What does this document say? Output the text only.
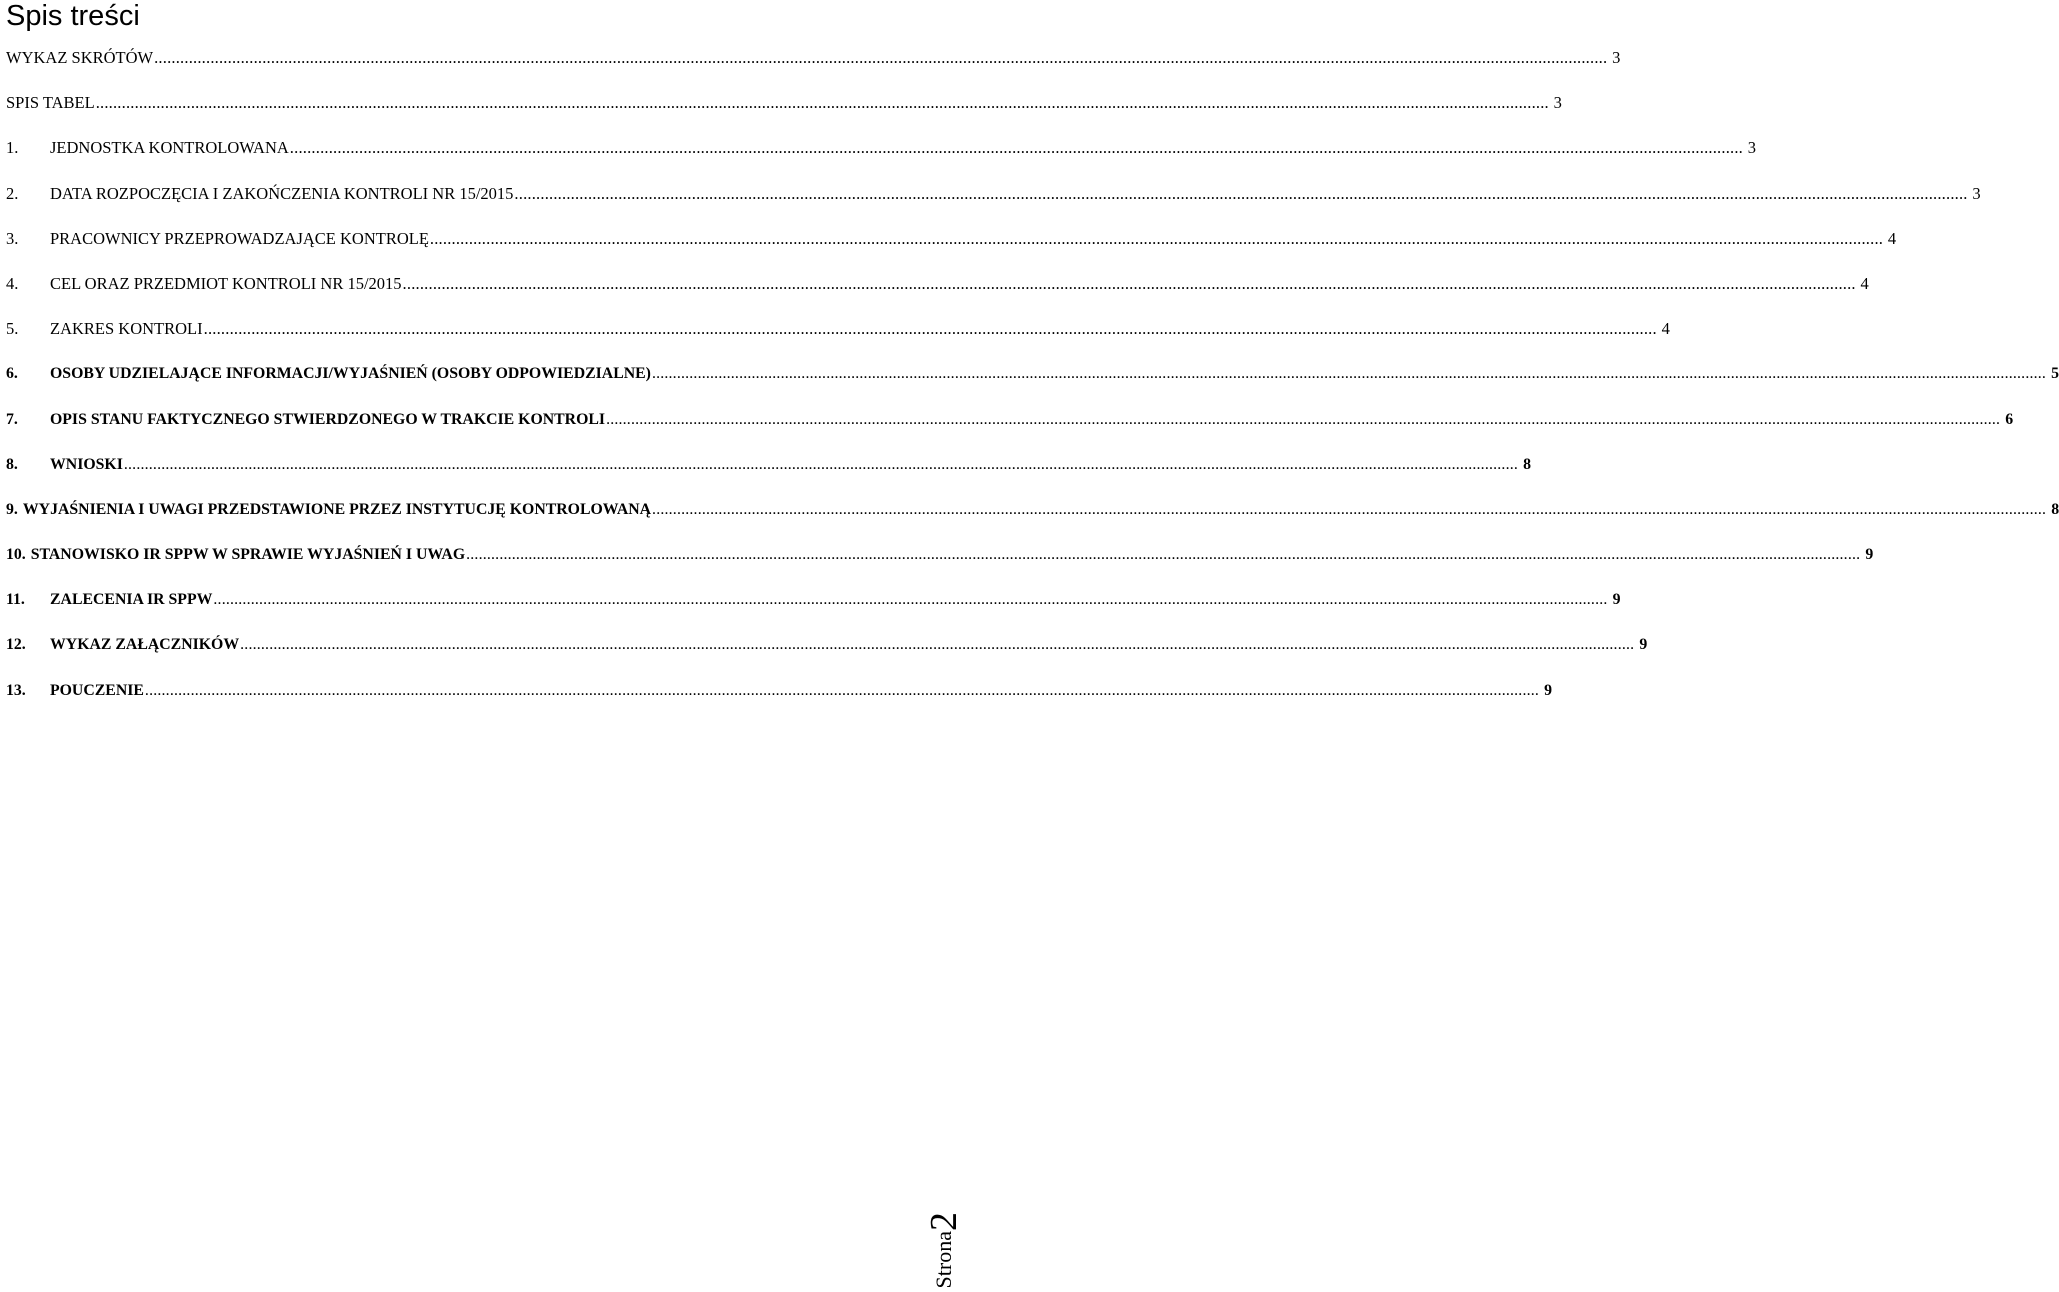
Spis treści
WYKAZ SKRÓTÓW .....	3
SPIS TABEL .....	3
1.	JEDNOSTKA KONTROLOWANA .....	3
2.	DATA ROZPOCZĘCIA I ZAKOŃCZENIA KONTROLI NR 15/2015 .....	3
3.	PRACOWNICY PRZEPROWADZAJĄCE KONTROLĘ .....	4
4.	CEL ORAZ PRZEDMIOT KONTROLI NR 15/2015 .....	4
5.	ZAKRES KONTROLI .....	4
6.	OSOBY UDZIELAJĄCE INFORMACJI/WYJAŚNIEŃ (OSOBY ODPOWIEDZIALNE) .....	5
7.	OPIS STANU FAKTYCZNEGO STWIERDZONEGO W TRAKCIE KONTROLI .....	6
8.	WNIOSKI .....	8
9. WYJAŚNIENIA I UWAGI PRZEDSTAWIONE PRZEZ INSTYTUCJĘ KONTROLOWANĄ .....	8
10. STANOWISKO IR SPPW W SPRAWIE WYJAŚNIEŃ I UWAG .....	9
11.	ZALECENIA IR SPPW .....	9
12.	WYKAZ ZAŁĄCZNIKÓW .....	9
13.	POUCZENIE .....	9
Strona2
